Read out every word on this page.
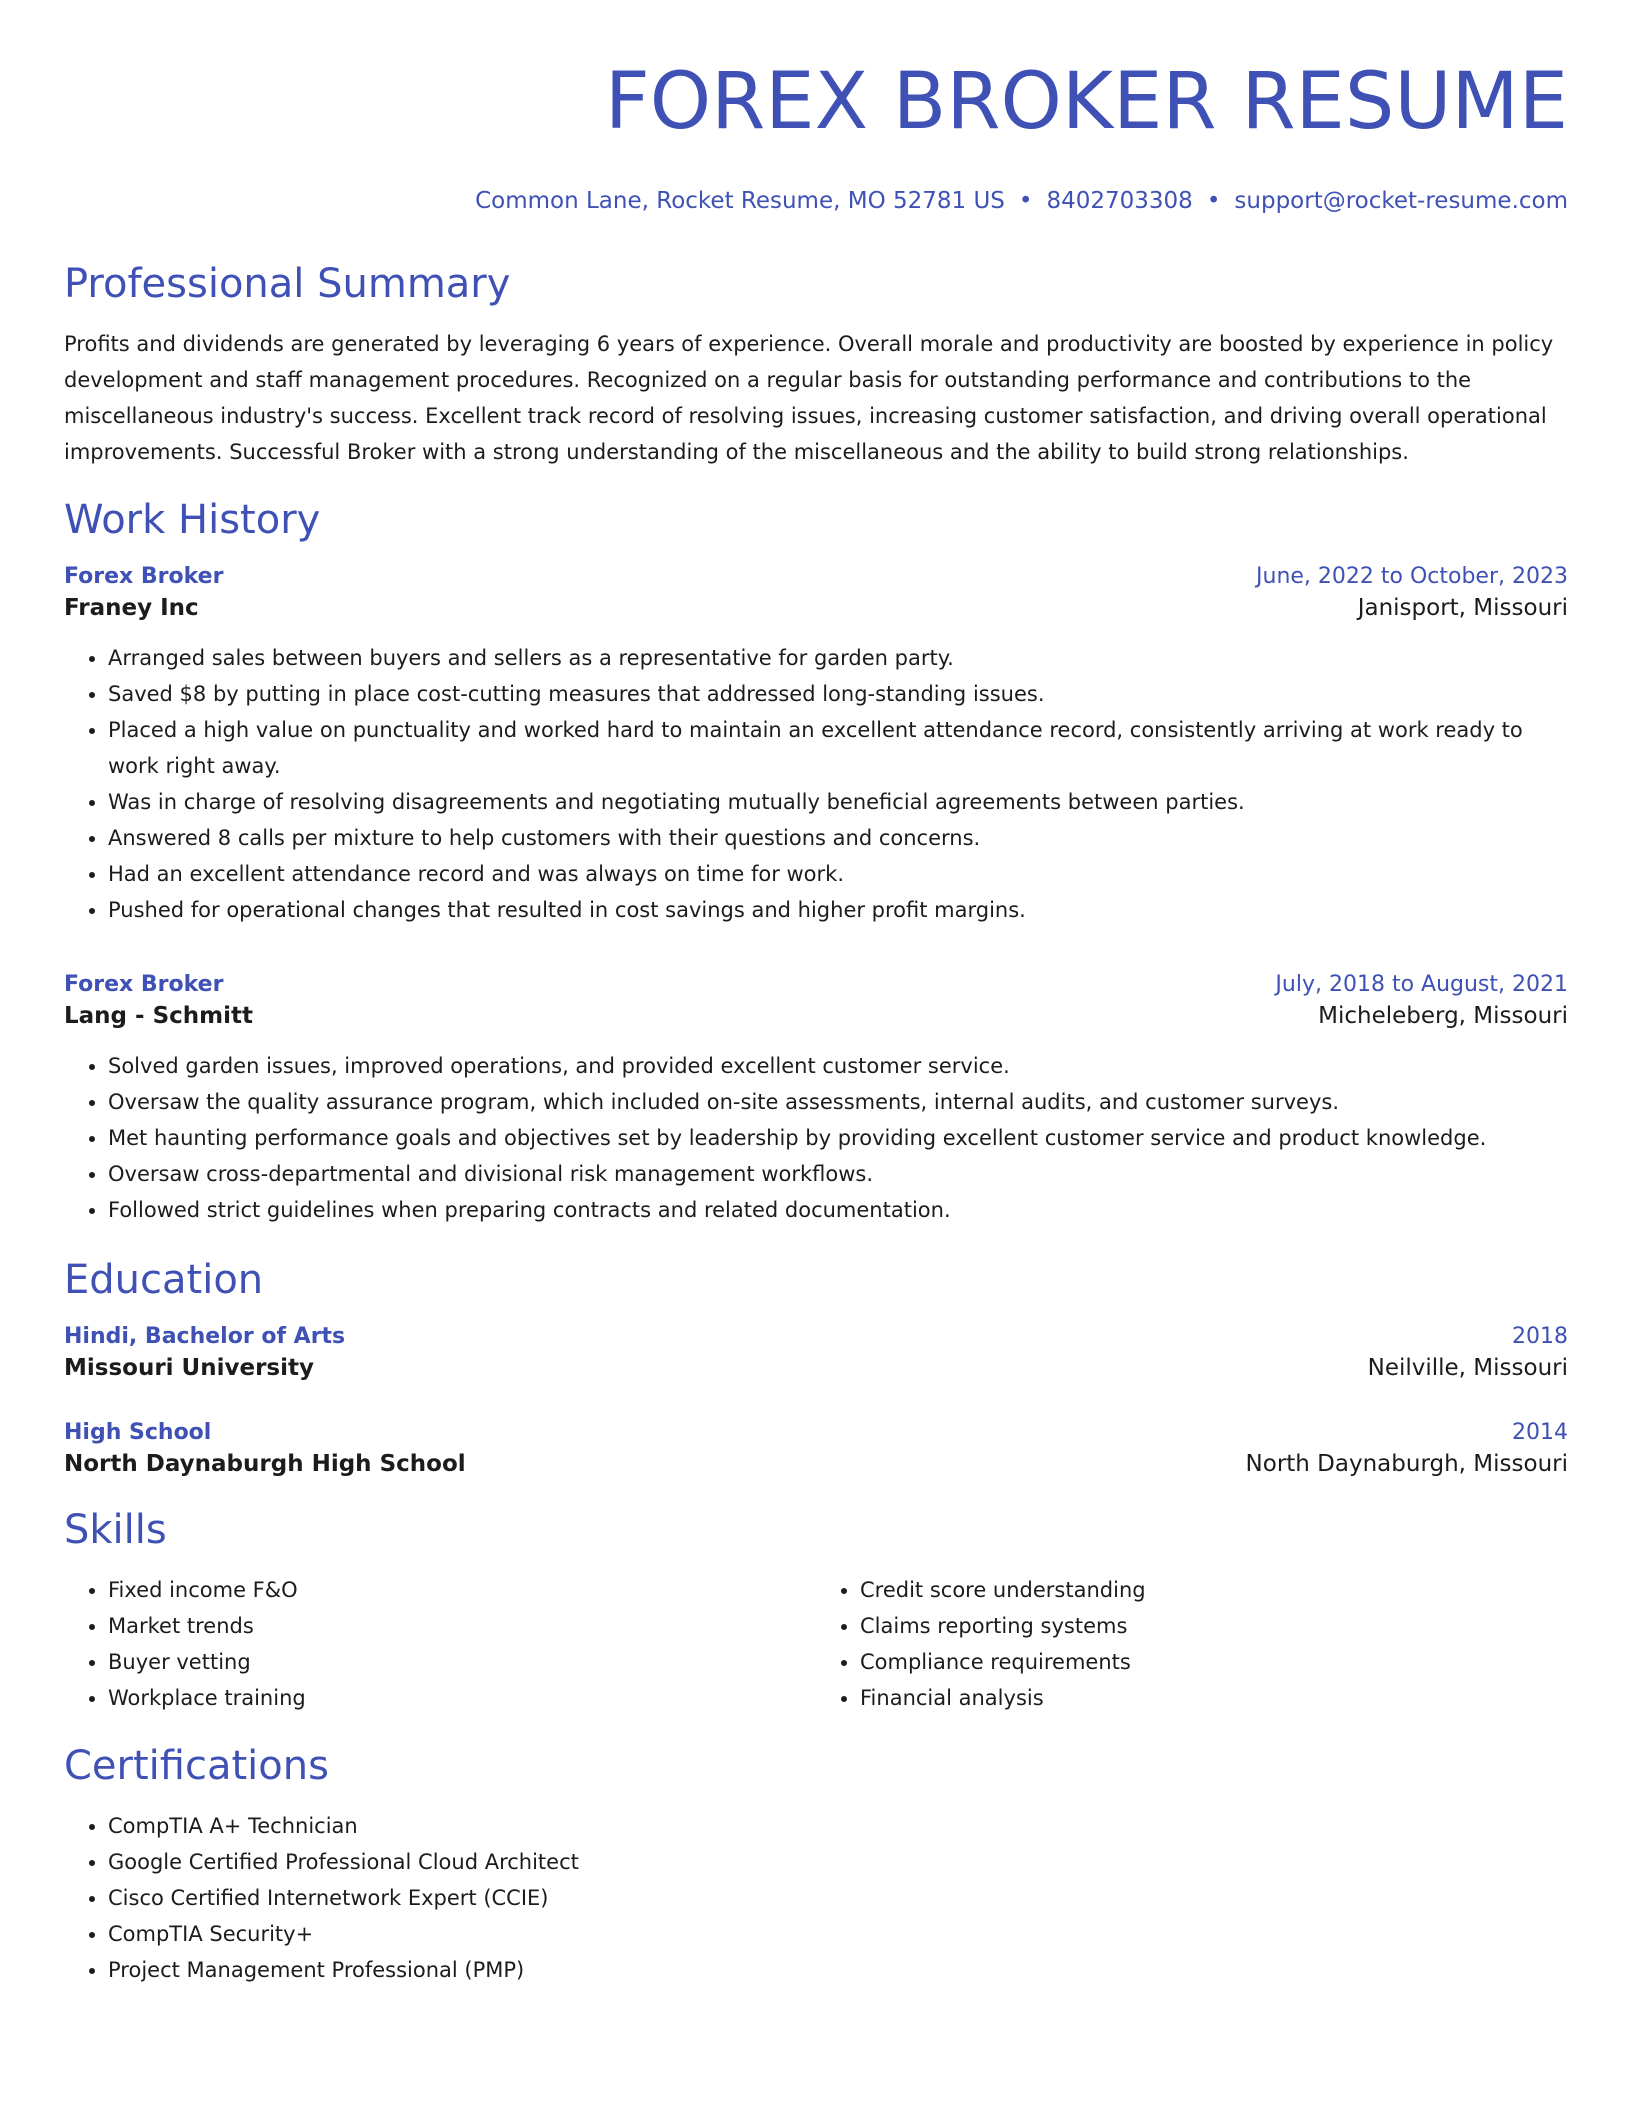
FOREX BROKER RESUME
Common Lane, Rocket Resume, MO 52781 US • 8402703308 • support@rocket-resume.com
Professional Summary

Profits and dividends are generated by leveraging 6 years of experience. Overall morale and productivity are boosted by experience in policy development and staff management procedures. Recognized on a regular basis for outstanding performance and contributions to the miscellaneous industry's success. Excellent track record of resolving issues, increasing customer satisfaction, and driving overall operational improvements. Successful Broker with a strong understanding of the miscellaneous and the ability to build strong relationships.

Work History
Forex Broker	June, 2022 to October, 2023
Franey Inc	Janisport, Missouri
• Arranged sales between buyers and sellers as a representative for garden party.
• Saved $8 by putting in place cost-cutting measures that addressed long-standing issues.
• Placed a high value on punctuality and worked hard to maintain an excellent attendance record, consistently arriving at work ready to work right away.
• Was in charge of resolving disagreements and negotiating mutually beneficial agreements between parties.
• Answered 8 calls per mixture to help customers with their questions and concerns.
• Had an excellent attendance record and was always on time for work.
• Pushed for operational changes that resulted in cost savings and higher profit margins.
Forex Broker	July, 2018 to August, 2021
Lang - Schmitt	Micheleberg, Missouri
• Solved garden issues, improved operations, and provided excellent customer service.
• Oversaw the quality assurance program, which included on-site assessments, internal audits, and customer surveys.
• Met haunting performance goals and objectives set by leadership by providing excellent customer service and product knowledge.
• Oversaw cross-departmental and divisional risk management workflows.
• Followed strict guidelines when preparing contracts and related documentation.
Education
Hindi, Bachelor of Arts	2018
Missouri University	Neilville, Missouri
High School	2014
North Daynaburgh High School	North Daynaburgh, Missouri
Skills
• Fixed income F&O
• Market trends
• Buyer vetting
• Workplace training
• Credit score understanding
• Claims reporting systems
• Compliance requirements
• Financial analysis
Certifications
• CompTIA A+ Technician
• Google Certified Professional Cloud Architect
• Cisco Certified Internetwork Expert (CCIE)
• CompTIA Security+
• Project Management Professional (PMP)
